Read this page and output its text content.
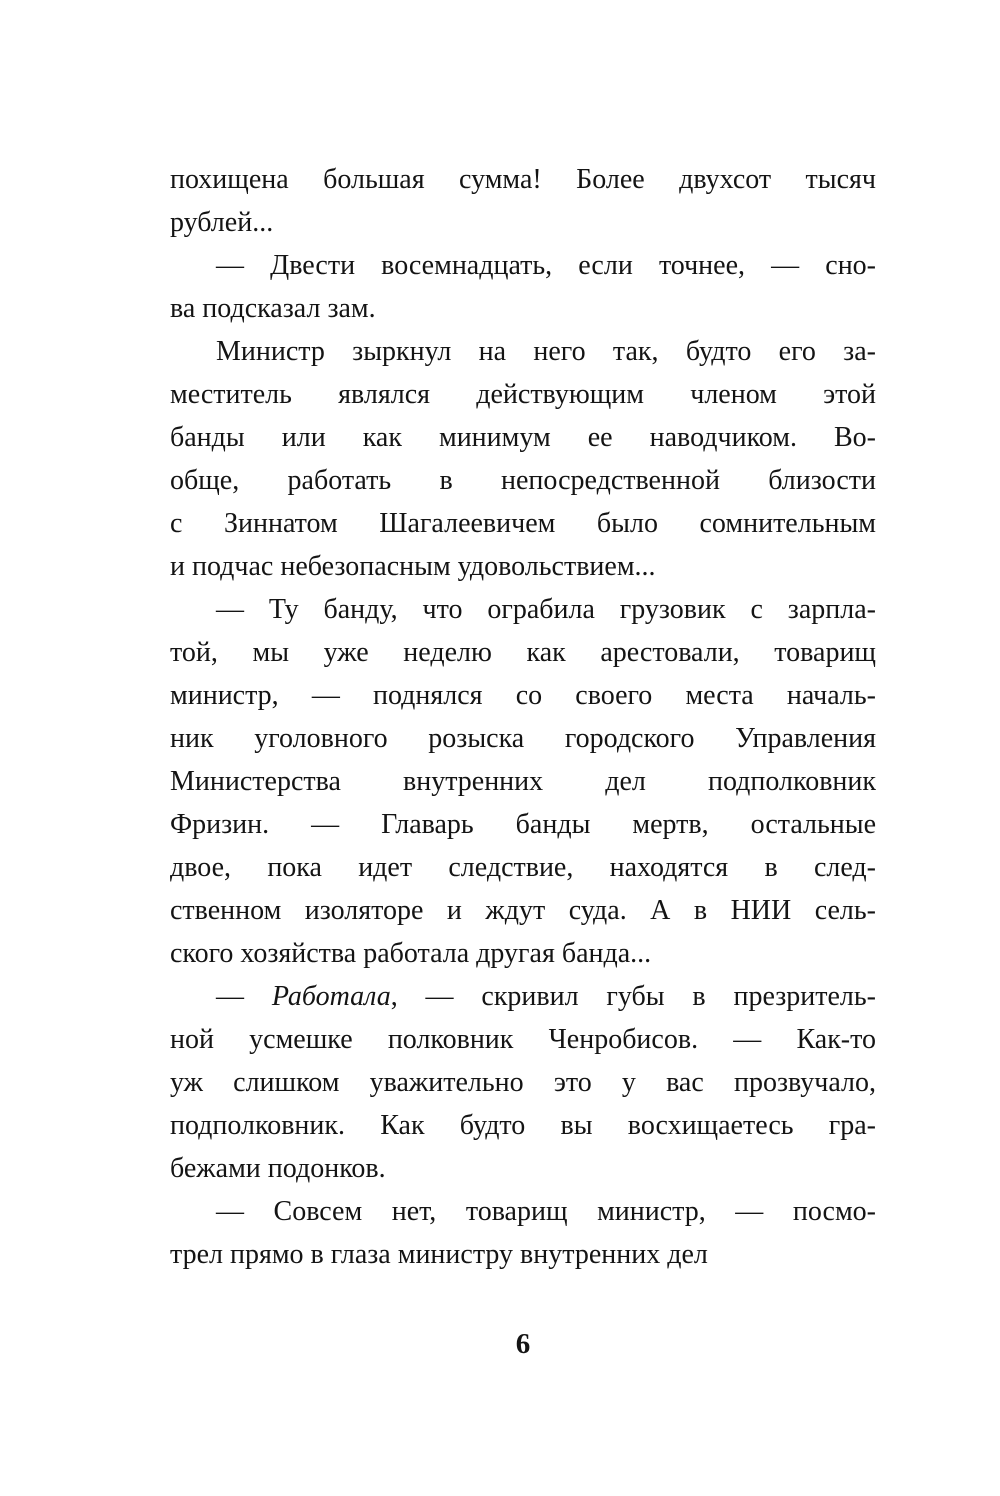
похищена большая сумма! Более двухсот тысяч
рублей...
— Двести восемнадцать, если точнее, — сно-
ва подсказал зам.
Министр зыркнул на него так, будто его за-
меститель являлся действующим членом этой
банды или как минимум ее наводчиком. Во-
обще, работать в непосредственной близости
с Зиннатом Шагалеевичем было сомнительным
и подчас небезопасным удовольствием...
— Ту банду, что ограбила грузовик с зарпла-
той, мы уже неделю как арестовали, товарищ
министр, — поднялся со своего места началь-
ник уголовного розыска городского Управления
Министерства внутренних дел подполковник
Фризин. — Главарь банды мертв, остальные
двое, пока идет следствие, находятся в след-
ственном изоляторе и ждут суда. А в НИИ сель-
ского хозяйства работала другая банда...
— Работала, — скривил губы в презритель-
ной усмешке полковник Ченробисов. — Как-то
уж слишком уважительно это у вас прозвучало,
подполковник. Как будто вы восхищаетесь гра-
бежами подонков.
— Совсем нет, товарищ министр, — посмо-
трел прямо в глаза министру внутренних дел
6
